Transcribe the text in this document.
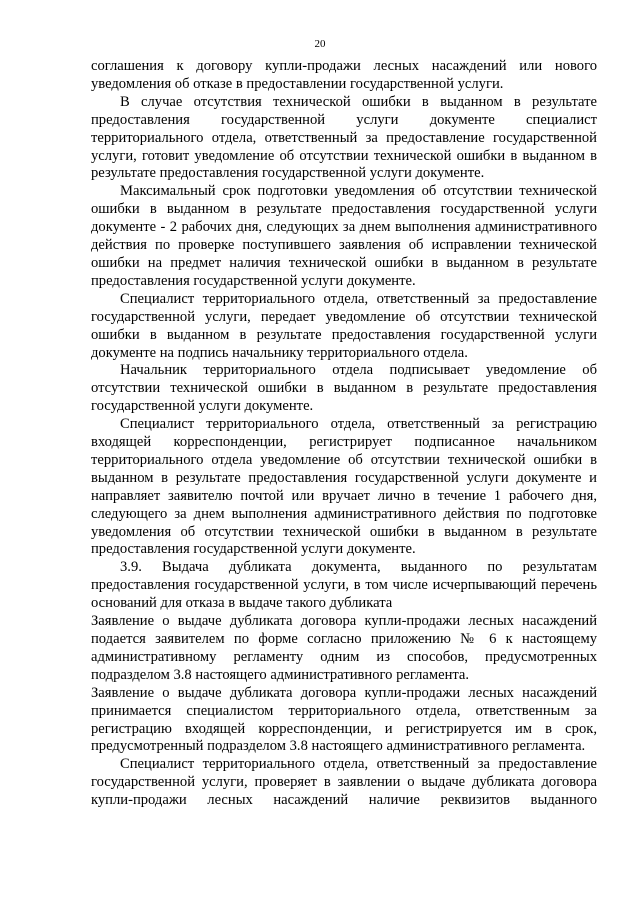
20

соглашения к договору купли-продажи лесных насаждений или нового уведомления об отказе в предоставлении государственной услуги.

В случае отсутствия технической ошибки в выданном в результате предоставления государственной услуги документе специалист территориального отдела, ответственный за предоставление государственной услуги, готовит уведомление об отсутствии технической ошибки в выданном в результате предоставления государственной услуги документе.

Максимальный срок подготовки уведомления об отсутствии технической ошибки в выданном в результате предоставления государственной услуги документе - 2 рабочих дня, следующих за днем выполнения административного действия по проверке поступившего заявления об исправлении технической ошибки на предмет наличия технической ошибки в выданном в результате предоставления государственной услуги документе.

Специалист территориального отдела, ответственный за предоставление государственной услуги, передает уведомление об отсутствии технической ошибки в выданном в результате предоставления государственной услуги документе на подпись начальнику территориального отдела.

Начальник территориального отдела подписывает уведомление об отсутствии технической ошибки в выданном в результате предоставления государственной услуги документе.

Специалист территориального отдела, ответственный за регистрацию входящей корреспонденции, регистрирует подписанное начальником территориального отдела уведомление об отсутствии технической ошибки в выданном в результате предоставления государственной услуги документе и направляет заявителю почтой или вручает лично в течение 1 рабочего дня, следующего за днем выполнения административного действия по подготовке уведомления об отсутствии технической ошибки в выданном в результате предоставления государственной услуги документе.

3.9. Выдача дубликата документа, выданного по результатам предоставления государственной услуги, в том числе исчерпывающий перечень оснований для отказа в выдаче такого дубликата

Заявление о выдаче дубликата договора купли-продажи лесных насаждений подается заявителем по форме согласно приложению № 6 к настоящему административному регламенту одним из способов, предусмотренных подразделом 3.8 настоящего административного регламента.

Заявление о выдаче дубликата договора купли-продажи лесных насаждений принимается специалистом территориального отдела, ответственным за регистрацию входящей корреспонденции, и регистрируется им в срок, предусмотренный подразделом 3.8 настоящего административного регламента.

Специалист территориального отдела, ответственный за предоставление государственной услуги, проверяет в заявлении о выдаче дубликата договора купли-продажи лесных насаждений наличие реквизитов выданного
